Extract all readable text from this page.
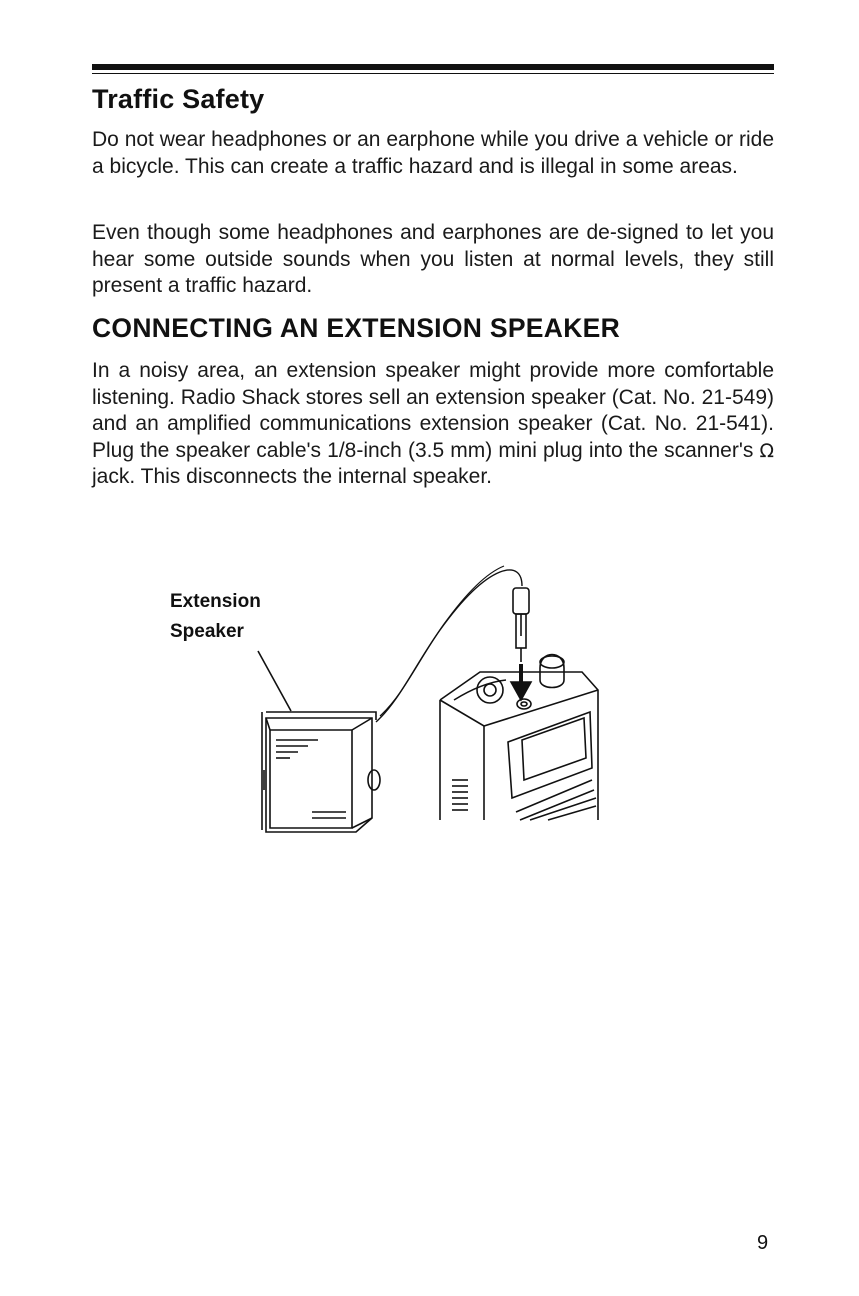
Traffic Safety

Do not wear headphones or an earphone while you drive a vehicle or ride a bicycle. This can create a traffic hazard and is illegal in some areas.

Even though some headphones and earphones are de-signed to let you hear some outside sounds when you listen at normal levels, they still present a traffic hazard.

CONNECTING AN EXTENSION SPEAKER

In a noisy area, an extension speaker might provide more comfortable listening. Radio Shack stores sell an extension speaker (Cat. No. 21-549) and an amplified communications extension speaker (Cat. No. 21-541). Plug the speaker cable's 1/8-inch (3.5 mm) mini plug into the scanner's Ω jack. This disconnects the internal speaker.

Extension
Speaker
9
